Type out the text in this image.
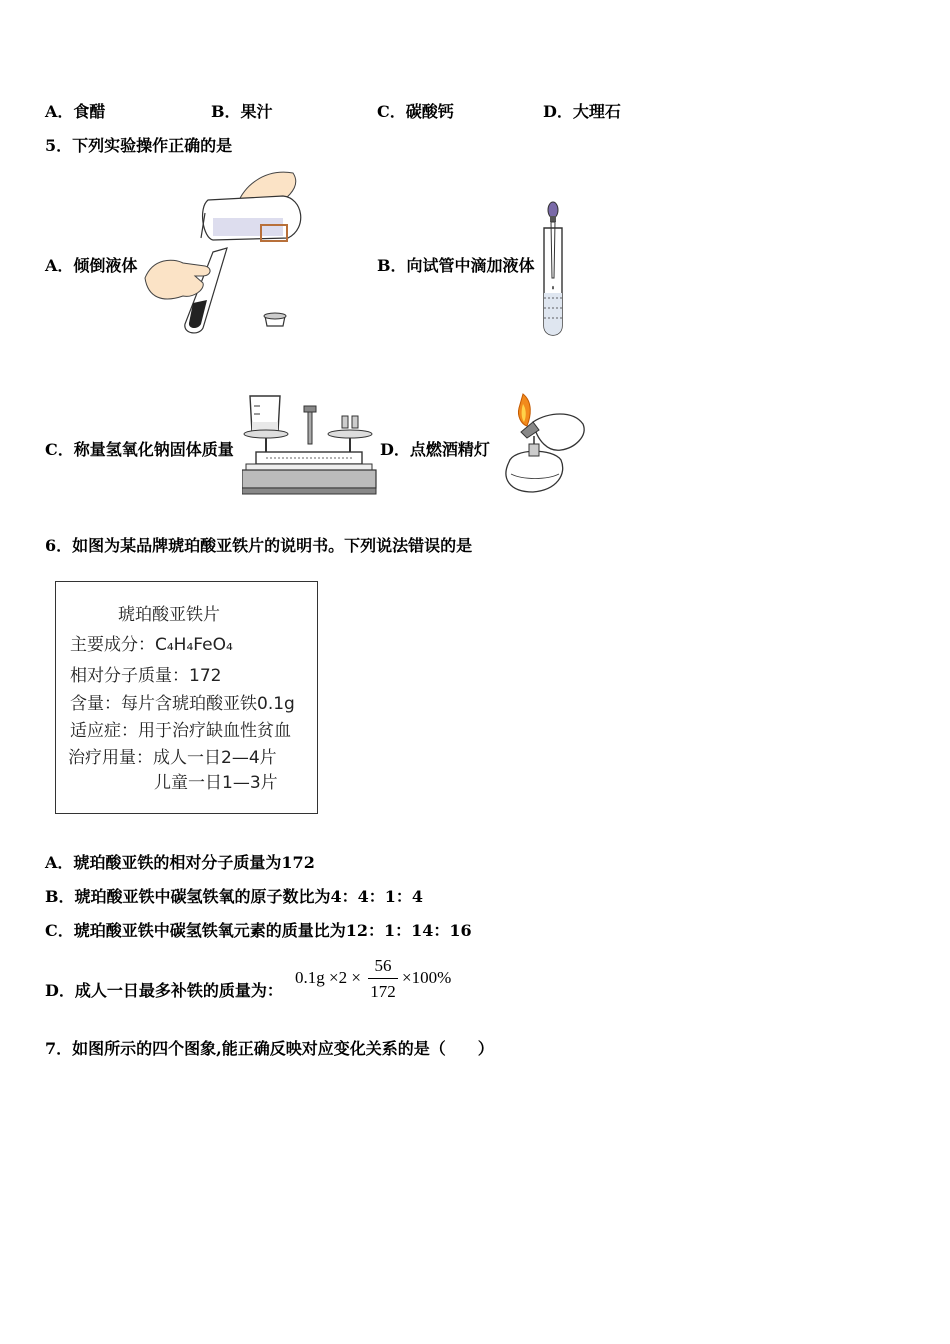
A．食醋	B．果汁	C．碳酸钙	D．大理石
5．下列实验操作正确的是
A．倾倒液体	B．向试管中滴加液体
C．称量氢氧化钠固体质量	D．点燃酒精灯
6．如图为某品牌琥珀酸亚铁片的说明书。下列说法错误的是
琥珀酸亚铁片
主要成分：C₄H₄FeO₄
相对分子质量：172
含量：每片含琥珀酸亚铁0.1g
适应症：用于治疗缺血性贫血
治疗用量：成人一日2—4片
儿童一日1—3片
A．琥珀酸亚铁的相对分子质量为172
B．琥珀酸亚铁中碳氢铁氧的原子数比为4：4：1：4
C．琥珀酸亚铁中碳氢铁氧元素的质量比为12：1：14：16
D．成人一日最多补铁的质量为：
0.1g ×2 ×
56
172
×100%
7．如图所示的四个图象,能正确反映对应变化关系的是（　　）
